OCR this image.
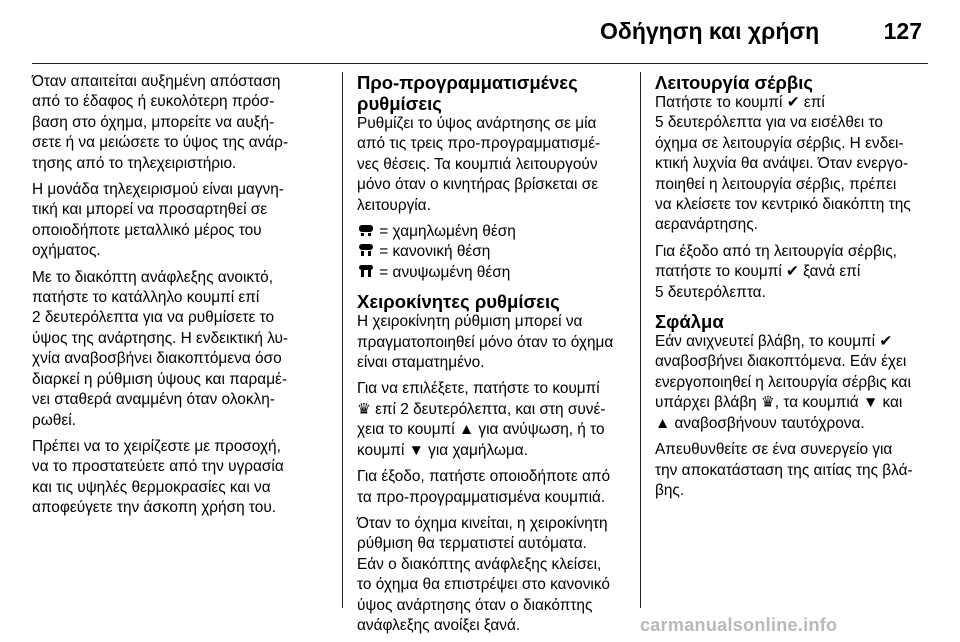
Οδήγηση και χρήση	127

Όταν απαιτείται αυξημένη απόσταση
από το έδαφος ή ευκολότερη πρόσ-
βαση στο όχημα, μπορείτε να αυξή-
σετε ή να μειώσετε το ύψος της ανάρ-
τησης από το τηλεχειριστήριο.

Η μονάδα τηλεχειρισμού είναι μαγνη-
τική και μπορεί να προσαρτηθεί σε
οποιοδήποτε μεταλλικό μέρος του
οχήματος.

Με το διακόπτη ανάφλεξης ανοικτό,
πατήστε το κατάλληλο κουμπί επί
2 δευτερόλεπτα για να ρυθμίσετε το
ύψος της ανάρτησης. Η ενδεικτική λυ-
χνία αναβοσβήνει διακοπτόμενα όσο
διαρκεί η ρύθμιση ύψους και παραμέ-
νει σταθερά αναμμένη όταν ολοκλη-
ρωθεί.

Πρέπει να το χειρίζεστε με προσοχή,
να το προστατεύετε από την υγρασία
και τις υψηλές θερμοκρασίες και να
αποφεύγετε την άσκοπη χρήση του.

Προ-προγραμματισμένες
ρυθμίσεις

Ρυθμίζει το ύψος ανάρτησης σε μία
από τις τρεις προ-προγραμματισμέ-
νες θέσεις. Τα κουμπιά λειτουργούν
μόνο όταν ο κινητήρας βρίσκεται σε
λειτουργία.

= χαμηλωμένη θέση
= κανονική θέση
= ανυψωμένη θέση
Χειροκίνητες ρυθμίσεις

Η χειροκίνητη ρύθμιση μπορεί να
πραγματοποιηθεί μόνο όταν το όχημα
είναι σταματημένο.

Για να επιλέξετε, πατήστε το κουμπί
♛ επί 2 δευτερόλεπτα, και στη συνέ-
χεια το κουμπί ▲ για ανύψωση, ή το
κουμπί ▼ για χαμήλωμα.

Για έξοδο, πατήστε οποιοδήποτε από
τα προ-προγραμματισμένα κουμπιά.

Όταν το όχημα κινείται, η χειροκίνητη
ρύθμιση θα τερματιστεί αυτόματα.
Εάν ο διακόπτης ανάφλεξης κλείσει,
το όχημα θα επιστρέψει στο κανονικό
ύψος ανάρτησης όταν ο διακόπτης
ανάφλεξης ανοίξει ξανά.

Λειτουργία σέρβις

Πατήστε το κουμπί ✔ επί
5 δευτερόλεπτα για να εισέλθει το
όχημα σε λειτουργία σέρβις. Η ενδει-
κτική λυχνία θα ανάψει. Όταν ενεργο-
ποιηθεί η λειτουργία σέρβις, πρέπει
να κλείσετε τον κεντρικό διακόπτη της
αερανάρτησης.

Για έξοδο από τη λειτουργία σέρβις,
πατήστε το κουμπί ✔ ξανά επί
5 δευτερόλεπτα.

Σφάλμα

Εάν ανιχνευτεί βλάβη, το κουμπί ✔
αναβοσβήνει διακοπτόμενα. Εάν έχει
ενεργοποιηθεί η λειτουργία σέρβις και
υπάρχει βλάβη ♛, τα κουμπιά ▼ και
▲ αναβοσβήνουν ταυτόχρονα.

Απευθυνθείτε σε ένα συνεργείο για
την αποκατάσταση της αιτίας της βλά-
βης.

carmanualsonline.info
